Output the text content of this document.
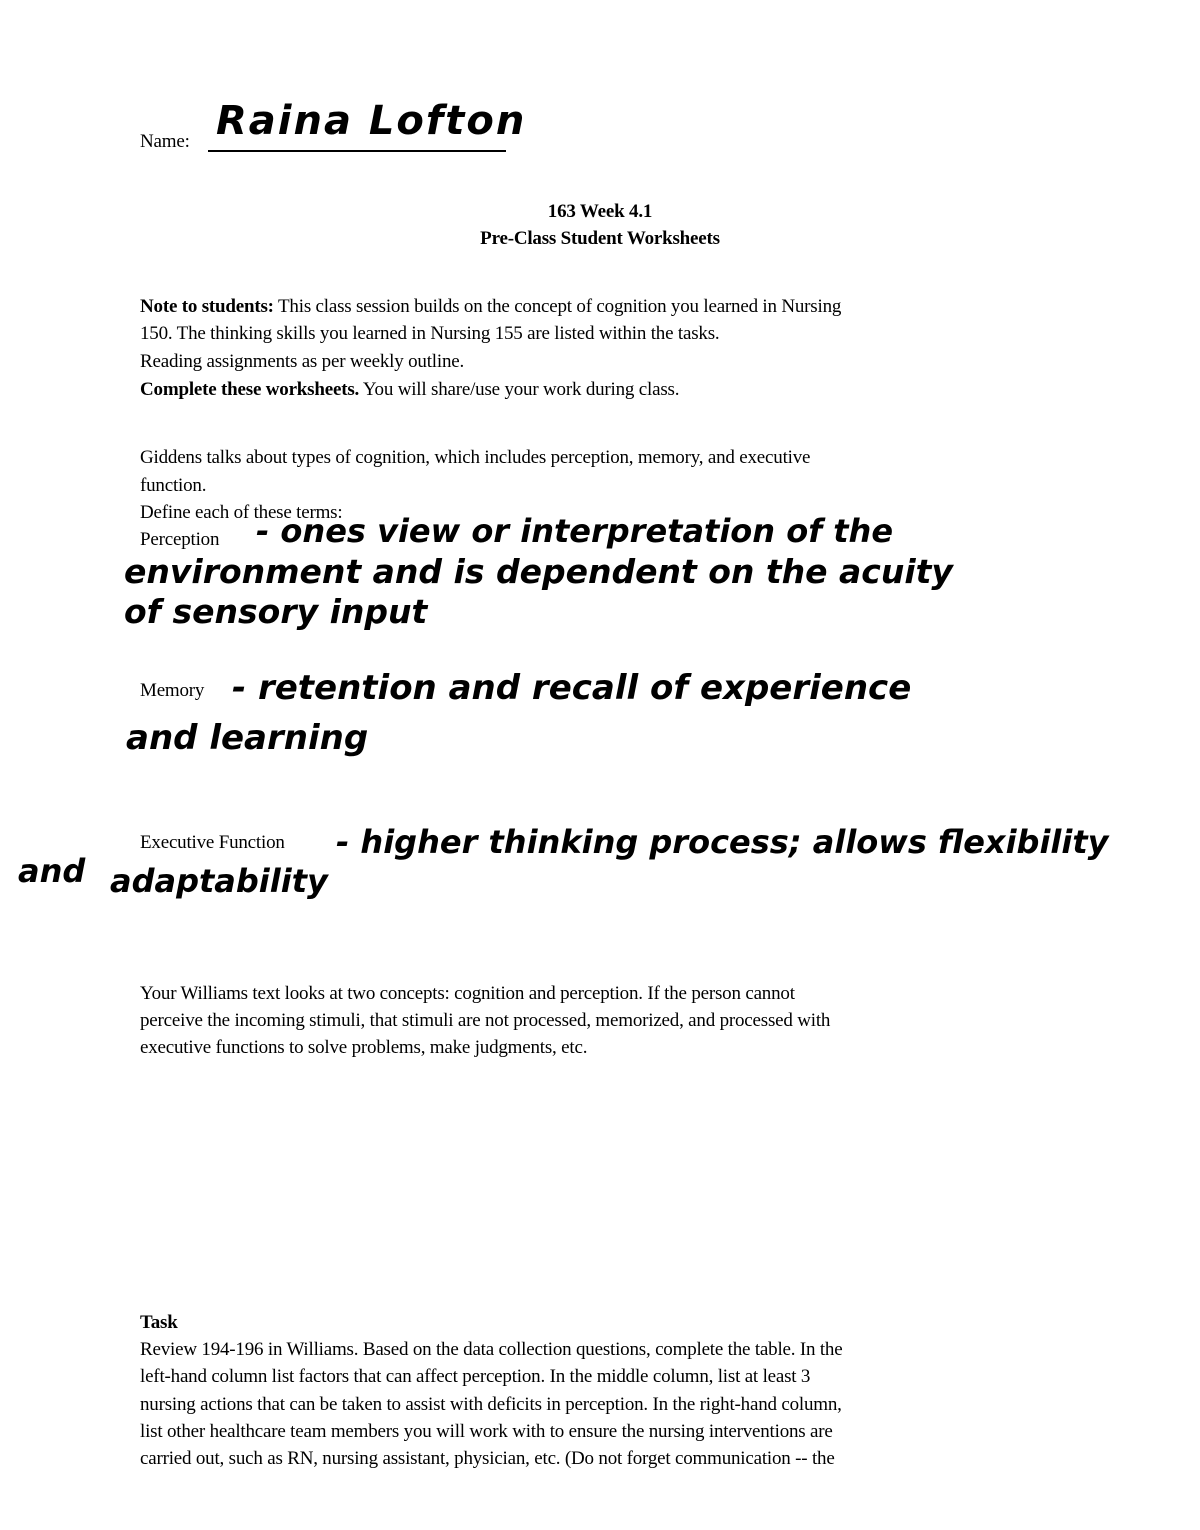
Name: Raina Lofton
163 Week 4.1
Pre-Class Student Worksheets
Note to students: This class session builds on the concept of cognition you learned in Nursing
150. The thinking skills you learned in Nursing 155 are listed within the tasks.
Reading assignments as per weekly outline.
Complete these worksheets. You will share/use your work during class.
Giddens talks about types of cognition, which includes perception, memory, and executive
function.
Define each of these terms:
Perception - ones view or interpretation of the
environment and is dependent on the acuity
of sensory input
Memory - retention and recall of experience
and learning
Executive Function - higher thinking process; allows flexibility
and adaptability
Your Williams text looks at two concepts: cognition and perception. If the person cannot
perceive the incoming stimuli, that stimuli are not processed, memorized, and processed with
executive functions to solve problems, make judgments, etc.
Task
Review 194-196 in Williams. Based on the data collection questions, complete the table. In the
left-hand column list factors that can affect perception. In the middle column, list at least 3
nursing actions that can be taken to assist with deficits in perception. In the right-hand column,
list other healthcare team members you will work with to ensure the nursing interventions are
carried out, such as RN, nursing assistant, physician, etc. (Do not forget communication -- the
